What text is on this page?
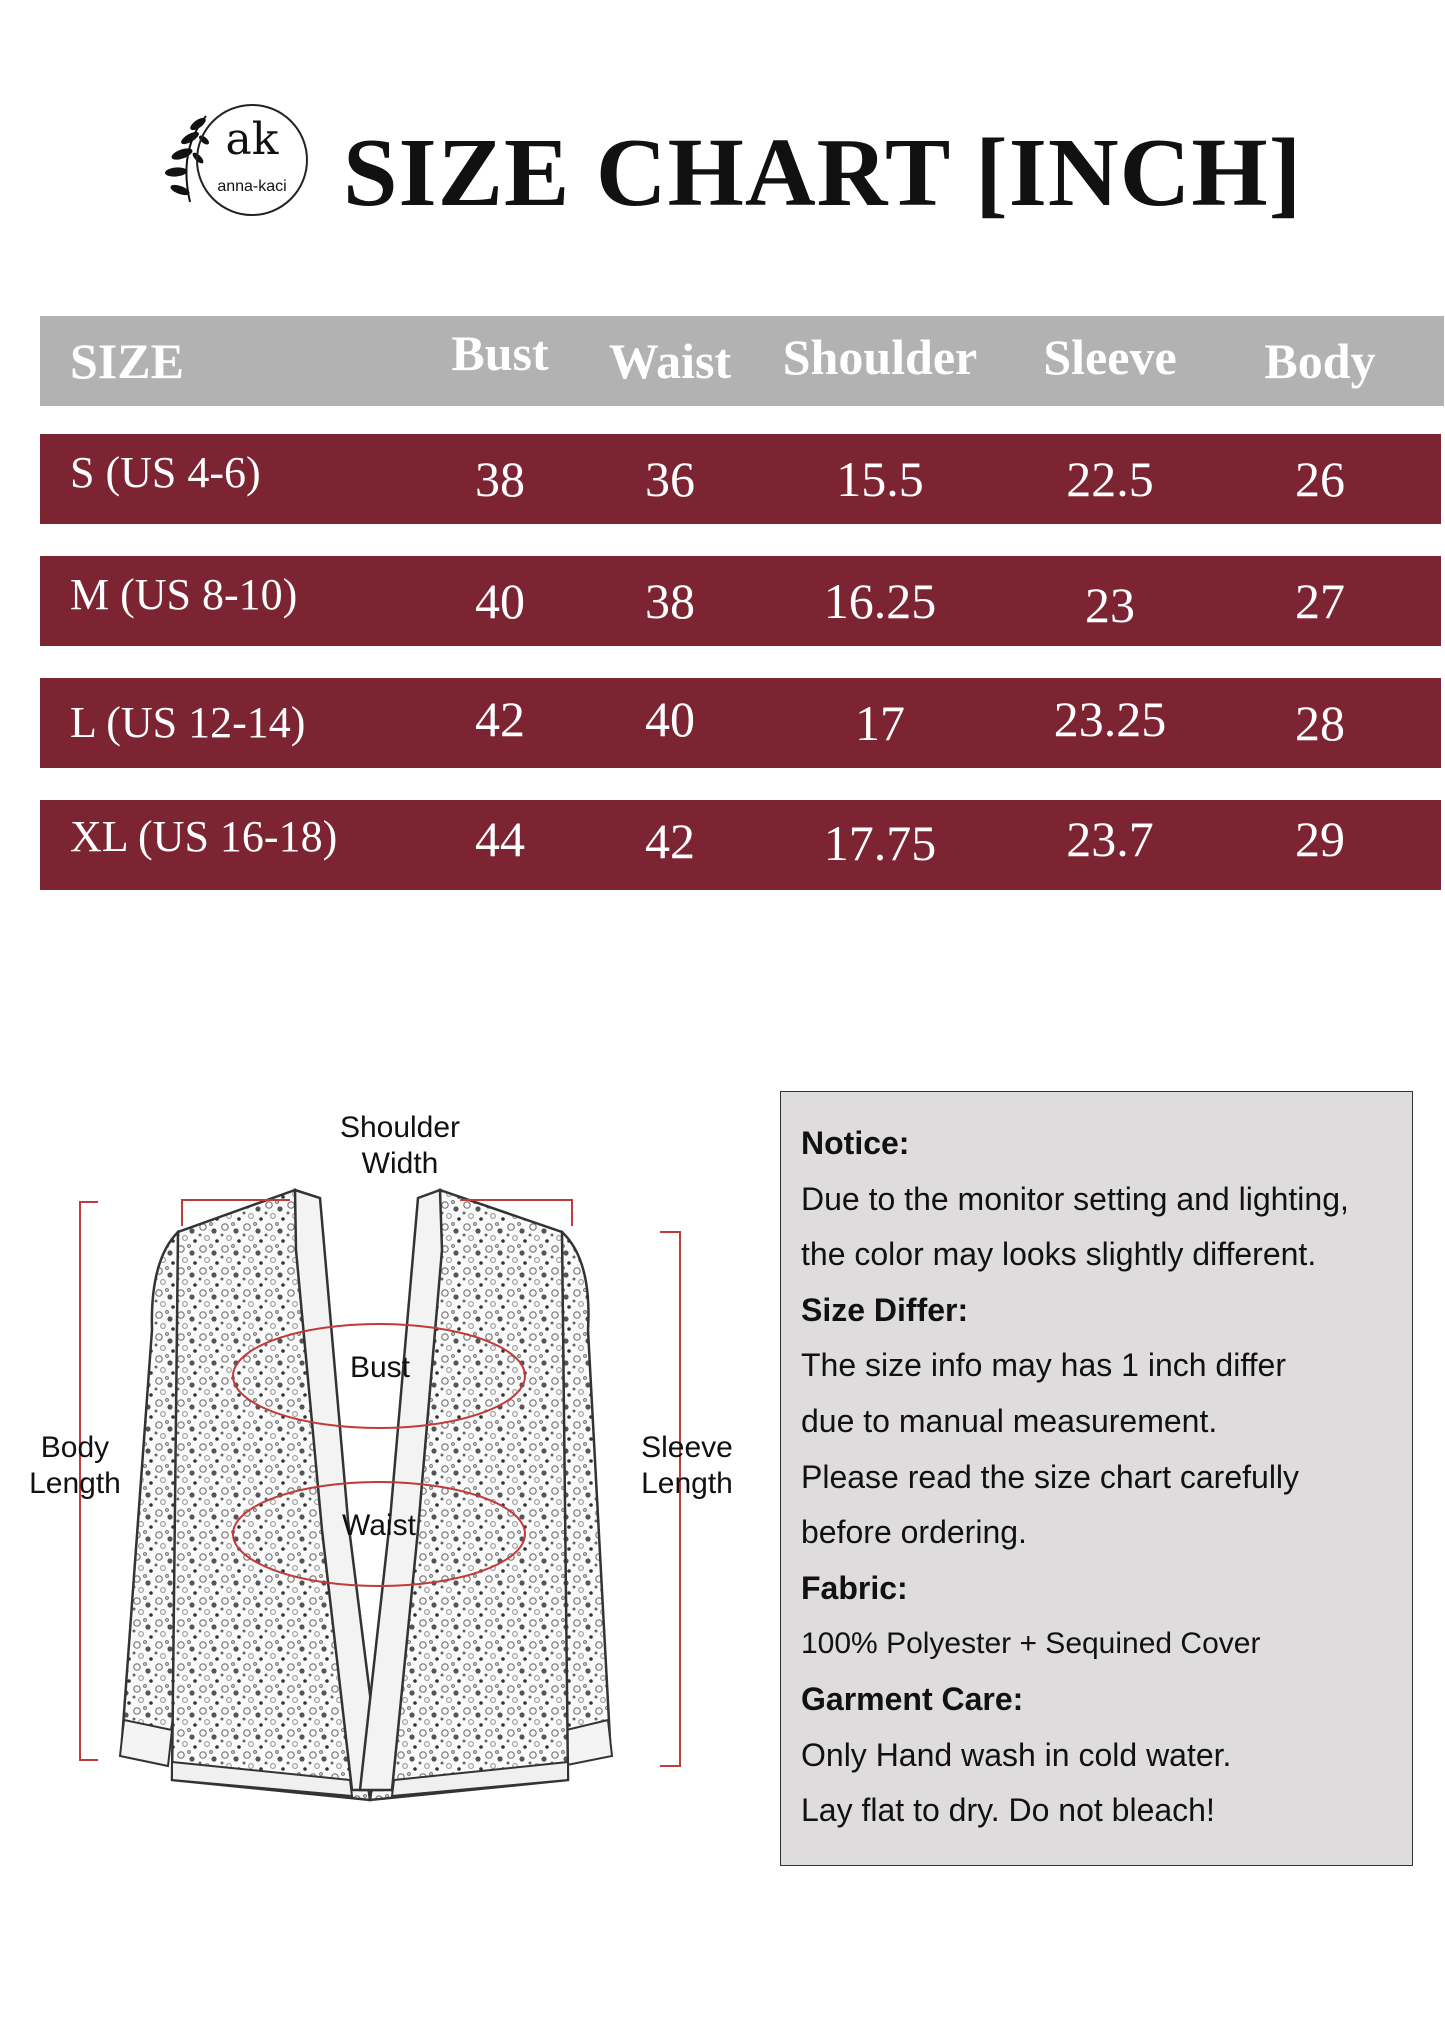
ak
anna-kaci SIZE CHART [INCH]
SIZE	Bust	Waist	Shoulder	Sleeve	Body
S (US 4-6)	38	36	15.5	22.5	26
M (US 8-10)	40	38	16.25	23	27
L (US 12-14)	42	40	17	23.25	28
XL (US 16-18)	44	42	17.75	23.7	29
Shoulder
Width
Bust
Waist
Body
Length
Sleeve
Length

Notice:

Due to the monitor setting and lighting,

the color may looks slightly different.

Size Differ:

The size info may has 1 inch differ

due to manual measurement.

Please read the size chart carefully

before ordering.

Fabric:

100% Polyester + Sequined Cover

Garment Care:

Only Hand wash in cold water.

Lay flat to dry. Do not bleach!
